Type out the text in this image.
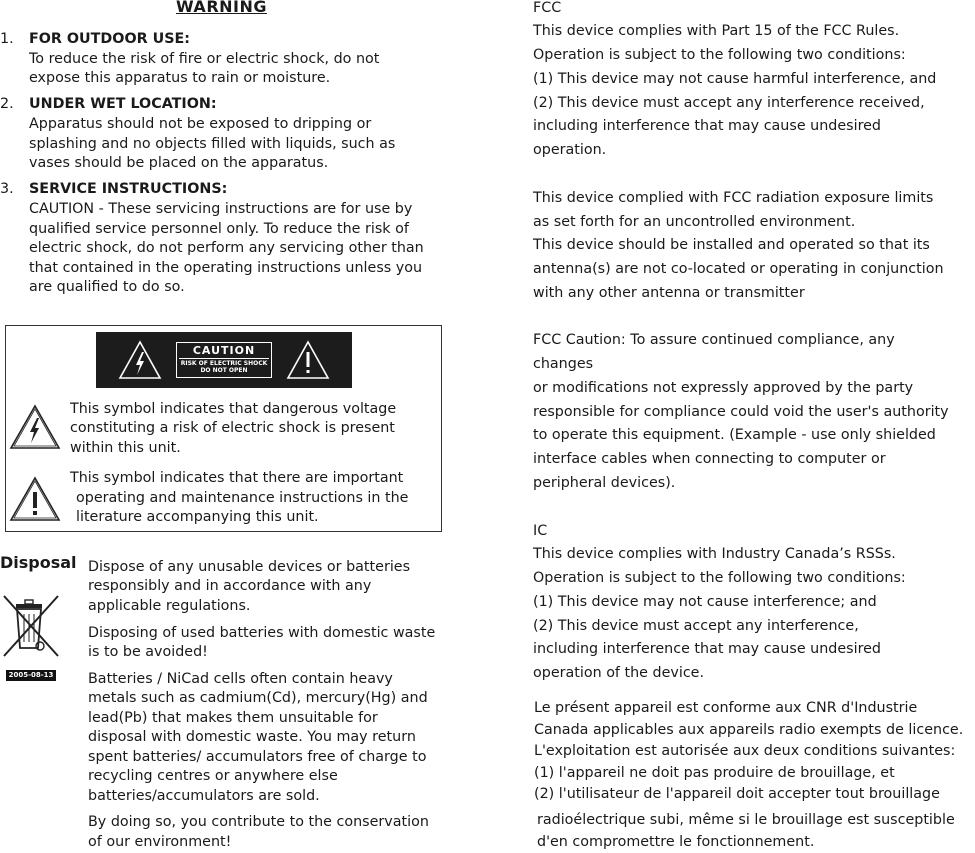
WARNING
1. FOR OUTDOOR USE:
To reduce the risk of fire or electric shock, do not
expose this apparatus to rain or moisture.
2. UNDER WET LOCATION:
Apparatus should not be exposed to dripping or
splashing and no objects filled with liquids, such as
vases should be placed on the apparatus.
3. SERVICE INSTRUCTIONS:
CAUTION - These servicing instructions are for use by
qualified service personnel only. To reduce the risk of
electric shock, do not perform any servicing other than
that contained in the operating instructions unless you
are qualified to do so.
CAUTION
RISK OF ELECTRIC SHOCK
DO NOT OPEN
This symbol indicates that dangerous voltage
constituting a risk of electric shock is present
within this unit.
This symbol indicates that there are important
operating and maintenance instructions in the
literature accompanying this unit.
Disposal
2005-08-13
Dispose of any unusable devices or batteries
responsibly and in accordance with any
applicable regulations.
Disposing of used batteries with domestic waste
is to be avoided!
Batteries / NiCad cells often contain heavy
metals such as cadmium(Cd), mercury(Hg) and
lead(Pb) that makes them unsuitable for
disposal with domestic waste. You may return
spent batteries/ accumulators free of charge to
recycling centres or anywhere else
batteries/accumulators are sold.
By doing so, you contribute to the conservation
of our environment!
FCC
This device complies with Part 15 of the FCC Rules.
Operation is subject to the following two conditions:
(1) This device may not cause harmful interference, and
(2) This device must accept any interference received,
including interference that may cause undesired
operation.
This device complied with FCC radiation exposure limits
as set forth for an uncontrolled environment.
This device should be installed and operated so that its
antenna(s) are not co-located or operating in conjunction
with any other antenna or transmitter
FCC Caution: To assure continued compliance, any
changes
or modifications not expressly approved by the party
responsible for compliance could void the user's authority
to operate this equipment. (Example - use only shielded
interface cables when connecting to computer or
peripheral devices).
IC
This device complies with Industry Canada’s RSSs.
Operation is subject to the following two conditions:
(1) This device may not cause interference; and
(2) This device must accept any interference,
including interference that may cause undesired
operation of the device.
Le présent appareil est conforme aux CNR d'Industrie
Canada applicables aux appareils radio exempts de licence.
L'exploitation est autorisée aux deux conditions suivantes:
(1) l'appareil ne doit pas produire de brouillage, et
(2) l'utilisateur de l'appareil doit accepter tout brouillage
radioélectrique subi, même si le brouillage est susceptible
d'en compromettre le fonctionnement.
